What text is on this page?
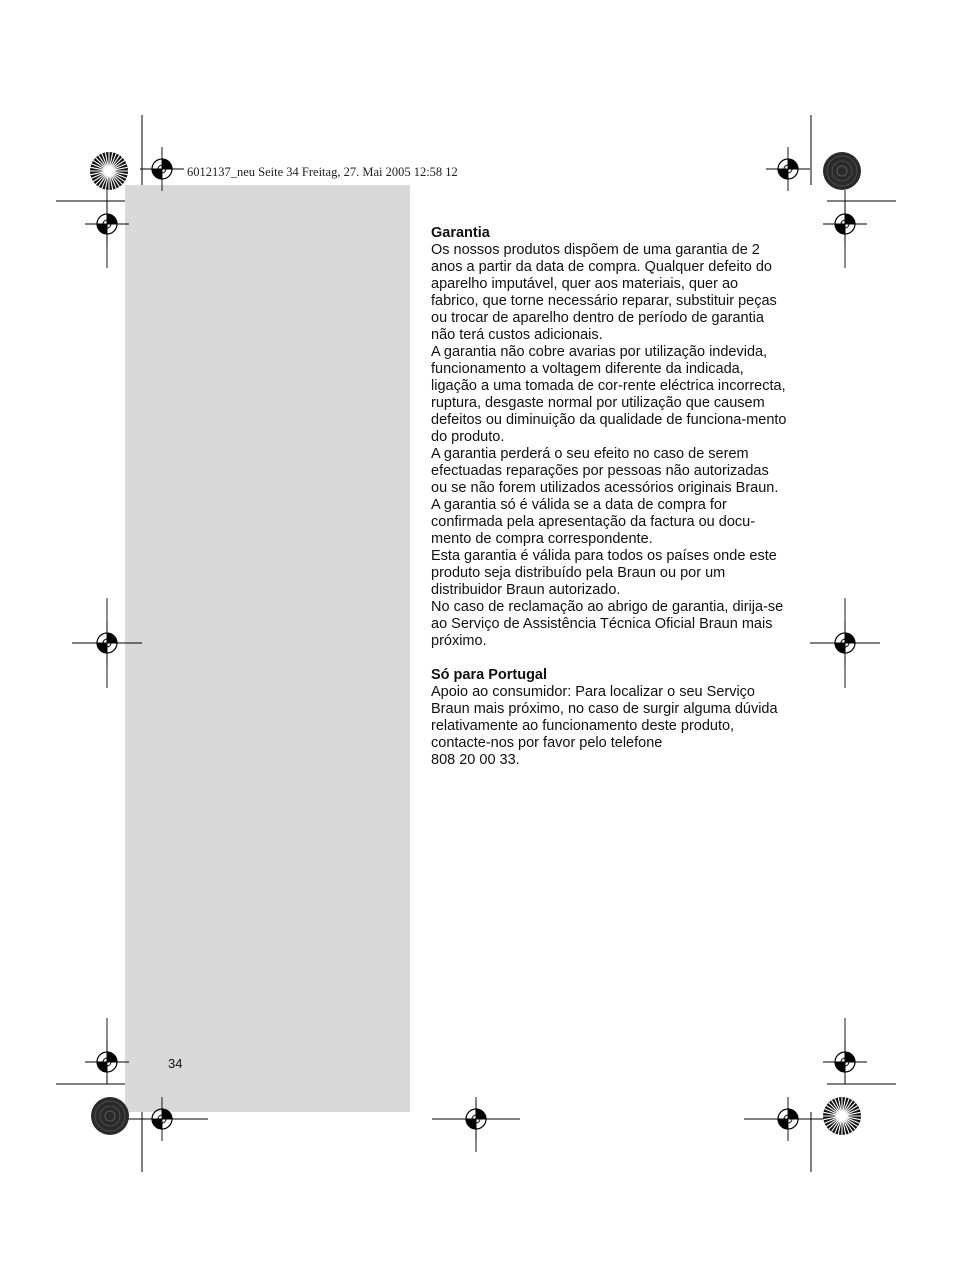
6012137_neu Seite 34 Freitag, 27. Mai 2005 12:58 12

Garantia

Os nossos produtos dispõem de uma garantia de 2 anos a partir da data de compra. Qualquer defeito do aparelho imputável, quer aos materiais, quer ao fabrico, que torne necessário reparar, substituir peças ou trocar de aparelho dentro de período de garantia não terá custos adicionais.

A garantia não cobre avarias por utilização indevida, funcionamento a voltagem diferente da indicada, ligação a uma tomada de cor-rente eléctrica incorrecta, ruptura, desgaste normal por utilização que causem defeitos ou diminuição da qualidade de funciona-mento do produto.

A garantia perderá o seu efeito no caso de serem efectuadas reparações por pessoas não autorizadas ou se não forem utilizados acessórios originais Braun.

A garantia só é válida se a data de compra for confirmada pela apresentação da factura ou docu-mento de compra correspondente.

Esta garantia é válida para todos os países onde este produto seja distribuído pela Braun ou por um distribuidor Braun autorizado.

No caso de reclamação ao abrigo de garantia, dirija-se ao Serviço de Assistência Técnica Oficial Braun mais próximo.

Só para Portugal

Apoio ao consumidor: Para localizar o seu Serviço Braun mais próximo, no caso de surgir alguma dúvida relativamente ao funcionamento deste produto, contacte-nos por favor pelo telefone

808 20 00 33.

34
